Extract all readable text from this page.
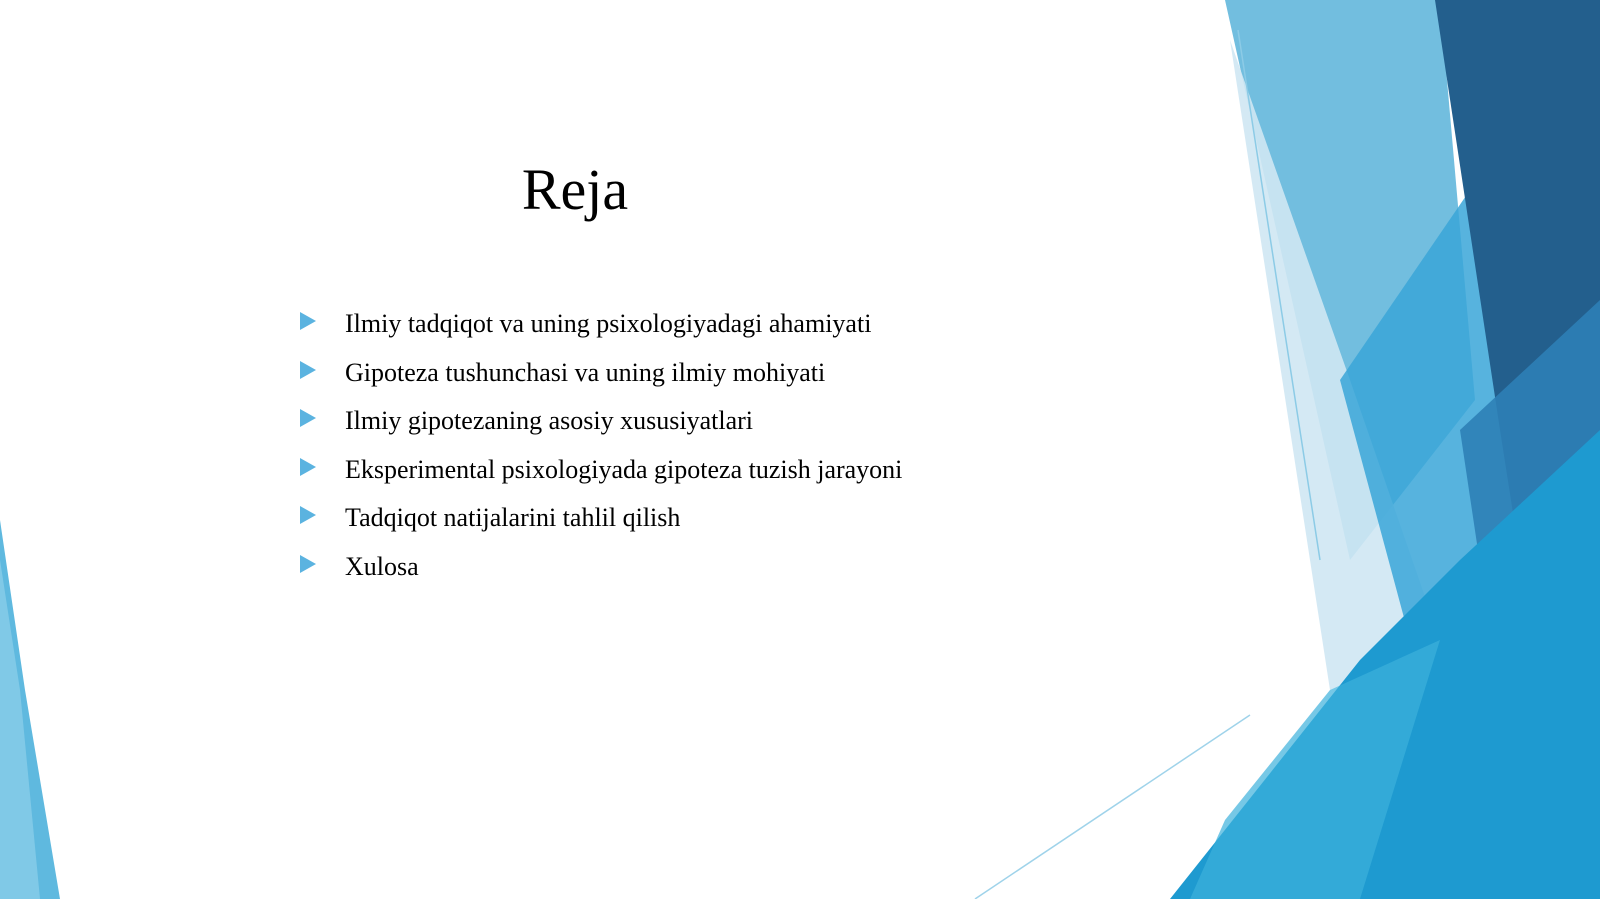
Reja
Ilmiy tadqiqot va uning psixologiyadagi ahamiyati
Gipoteza tushunchasi va uning ilmiy mohiyati
Ilmiy gipotezaning asosiy xususiyatlari
Eksperimental psixologiyada gipoteza tuzish jarayoni
Tadqiqot natijalarini tahlil qilish
Xulosa
